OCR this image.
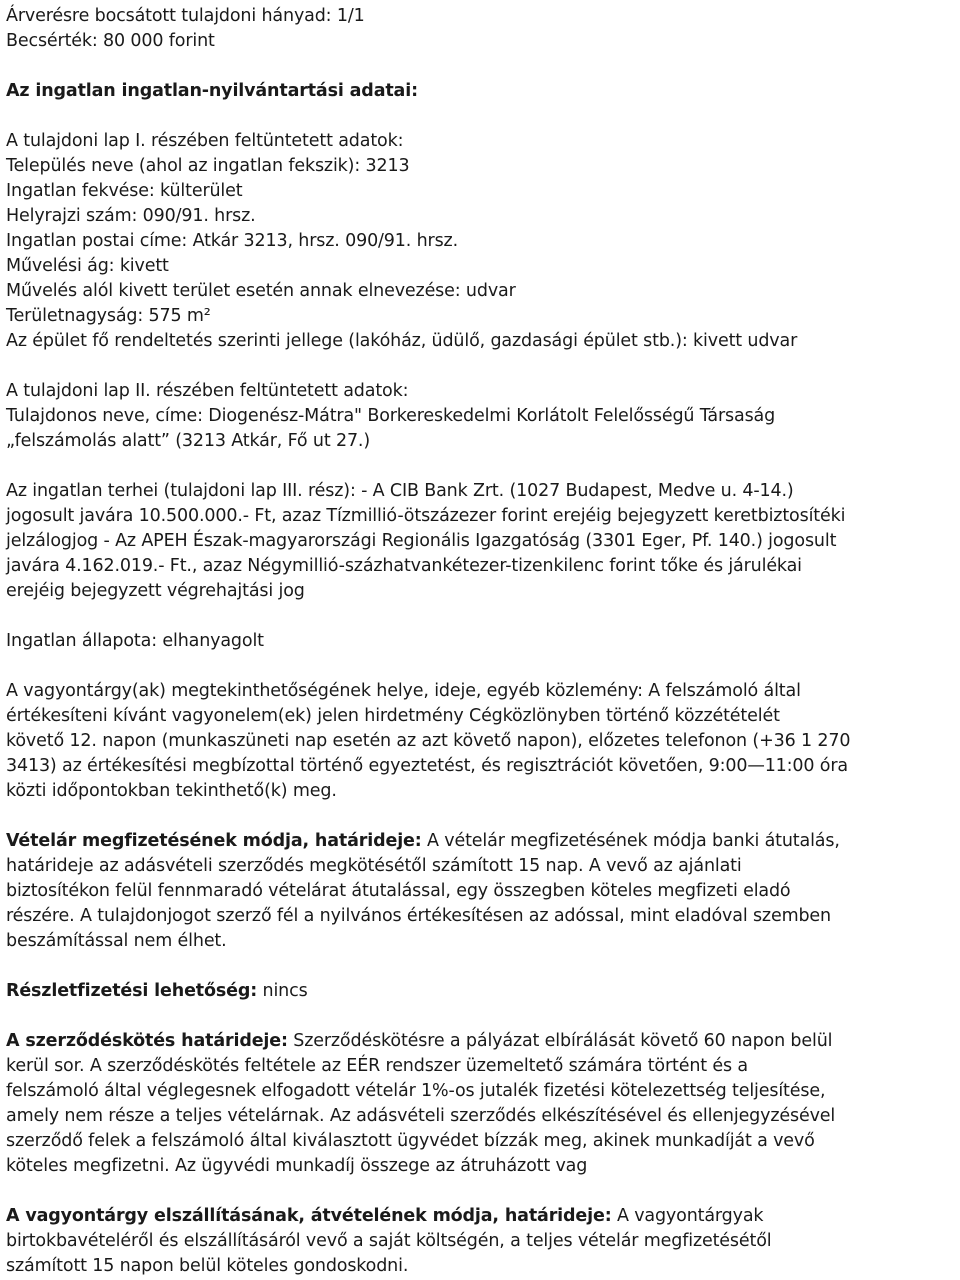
Árverésre bocsátott tulajdoni hányad: 1/1
Becsérték: 80 000 forint
Az ingatlan ingatlan-nyilvántartási adatai:
A tulajdoni lap I. részében feltüntetett adatok:
Település neve (ahol az ingatlan fekszik): 3213
Ingatlan fekvése: külterület
Helyrajzi szám: 090/91. hrsz.
Ingatlan postai címe: Atkár 3213, hrsz. 090/91. hrsz.
Művelési ág: kivett
Művelés alól kivett terület esetén annak elnevezése: udvar
Területnagyság: 575 m²
Az épület fő rendeltetés szerinti jellege (lakóház, üdülő, gazdasági épület stb.): kivett udvar
A tulajdoni lap II. részében feltüntetett adatok:
Tulajdonos neve, címe: Diogenész-Mátra" Borkereskedelmi Korlátolt Felelősségű Társaság
„felszámolás alatt” (3213 Atkár, Fő ut 27.)
Az ingatlan terhei (tulajdoni lap III. rész): - A CIB Bank Zrt. (1027 Budapest, Medve u. 4-14.)
jogosult javára 10.500.000.- Ft, azaz Tízmillió-ötszázezer forint erejéig bejegyzett keretbiztosítéki
jelzálogjog - Az APEH Észak-magyarországi Regionális Igazgatóság (3301 Eger, Pf. 140.) jogosult
javára 4.162.019.- Ft., azaz Négymillió-százhatvankétezer-tizenkilenc forint tőke és járulékai
erejéig bejegyzett végrehajtási jog
Ingatlan állapota: elhanyagolt
A vagyontárgy(ak) megtekinthetőségének helye, ideje, egyéb közlemény: A felszámoló által
értékesíteni kívánt vagyonelem(ek) jelen hirdetmény Cégközlönyben történő közzétételét
követő 12. napon (munkaszüneti nap esetén az azt követő napon), előzetes telefonon (+36 1 270
3413) az értékesítési megbízottal történő egyeztetést, és regisztrációt követően, 9:00—11:00 óra
közti időpontokban tekinthető(k) meg.
Vételár megfizetésének módja, határideje: A vételár megfizetésének módja banki átutalás,
határideje az adásvételi szerződés megkötésétől számított 15 nap. A vevő az ajánlati
biztosítékon felül fennmaradó vételárat átutalással, egy összegben köteles megfizeti eladó
részére. A tulajdonjogot szerző fél a nyilvános értékesítésen az adóssal, mint eladóval szemben
beszámítással nem élhet.
Részletfizetési lehetőség: nincs
A szerződéskötés határideje: Szerződéskötésre a pályázat elbírálását követő 60 napon belül
kerül sor. A szerződéskötés feltétele az EÉR rendszer üzemeltető számára történt és a
felszámoló által véglegesnek elfogadott vételár 1%-os jutalék fizetési kötelezettség teljesítése,
amely nem része a teljes vételárnak. Az adásvételi szerződés elkészítésével és ellenjegyzésével
szerződő felek a felszámoló által kiválasztott ügyvédet bízzák meg, akinek munkadíját a vevő
köteles megfizetni. Az ügyvédi munkadíj összege az átruházott vag
A vagyontárgy elszállításának, átvételének módja, határideje: A vagyontárgyak
birtokbavételéről és elszállításáról vevő a saját költségén, a teljes vételár megfizetésétől
számított 15 napon belül köteles gondoskodni.
